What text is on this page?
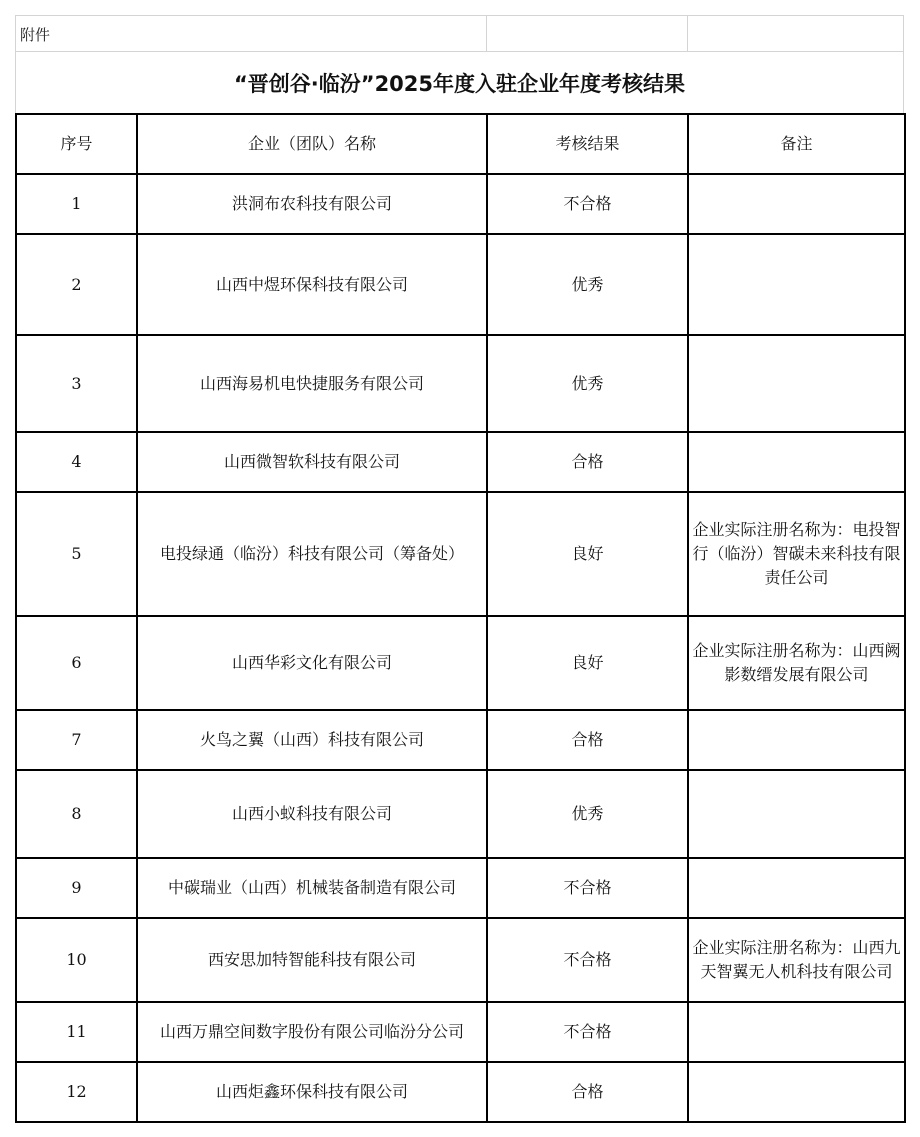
附件
“晋创谷·临汾”2025年度入驻企业年度考核结果
序号	企业（团队）名称	考核结果	备注
1	洪洞布农科技有限公司	不合格	
2	山西中煜环保科技有限公司	优秀	
3	山西海易机电快捷服务有限公司	优秀	
4	山西微智软科技有限公司	合格	
5	电投绿通（临汾）科技有限公司（筹备处）	良好	企业实际注册名称为：电投智行（临汾）智碳未来科技有限责任公司
6	山西华彩文化有限公司	良好	企业实际注册名称为：山西阙影数缙发展有限公司
7	火鸟之翼（山西）科技有限公司	合格	
8	山西小蚁科技有限公司	优秀	
9	中碳瑞业（山西）机械装备制造有限公司	不合格	
10	西安思加特智能科技有限公司	不合格	企业实际注册名称为：山西九天智翼无人机科技有限公司
11	山西万鼎空间数字股份有限公司临汾分公司	不合格	
12	山西炬鑫环保科技有限公司	合格	
